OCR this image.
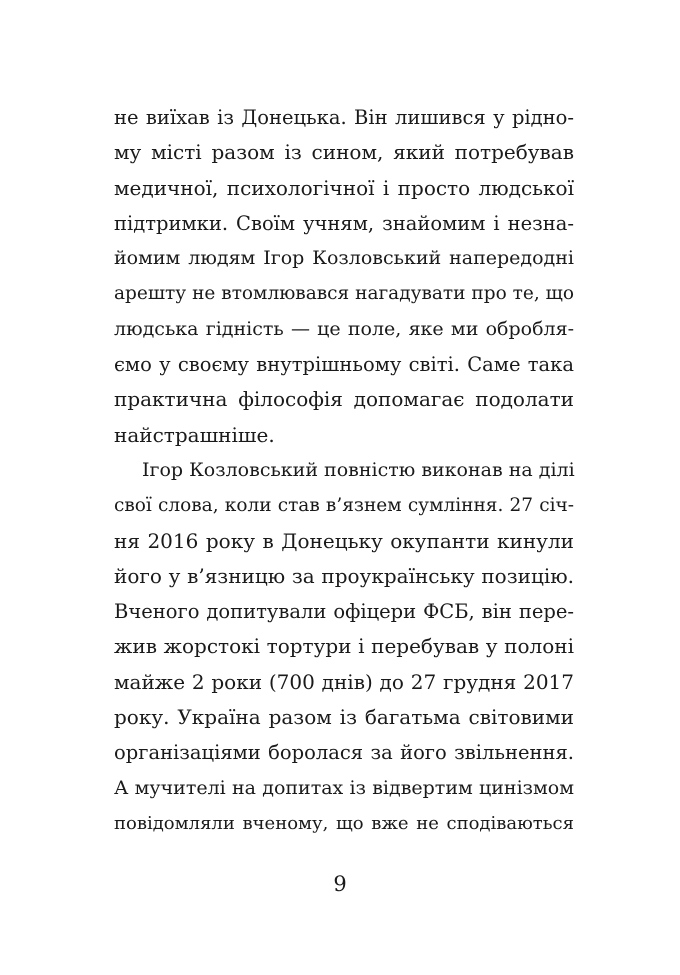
не виїхав із Донецька. Він лишився у рідно-
му місті разом із сином, який потребував
медичної, психологічної і просто людської
підтримки. Своїм учням, знайомим і незна-
йомим людям Ігор Козловський напередодні
арешту не втомлювався нагадувати про те, що
людська гідність — це поле, яке ми обробля-
ємо у своєму внутрішньому світі. Саме така
практична філософія допомагає подолати
найстрашніше.
Ігор Козловський повністю виконав на ділі
свої слова, коли став в’язнем сумління. 27 січ-
ня 2016 року в Донецьку окупанти кинули
його у в’язницю за проукраїнську позицію.
Вченого допитували офіцери ФСБ, він пере-
жив жорстокі тортури і перебував у полоні
майже 2 роки (700 днів) до 27 грудня 2017
року. Україна разом із багатьма світовими
організаціями боролася за його звільнення.
А мучителі на допитах із відвертим цинізмом
повідомляли вченому, що вже не сподіваються
9
